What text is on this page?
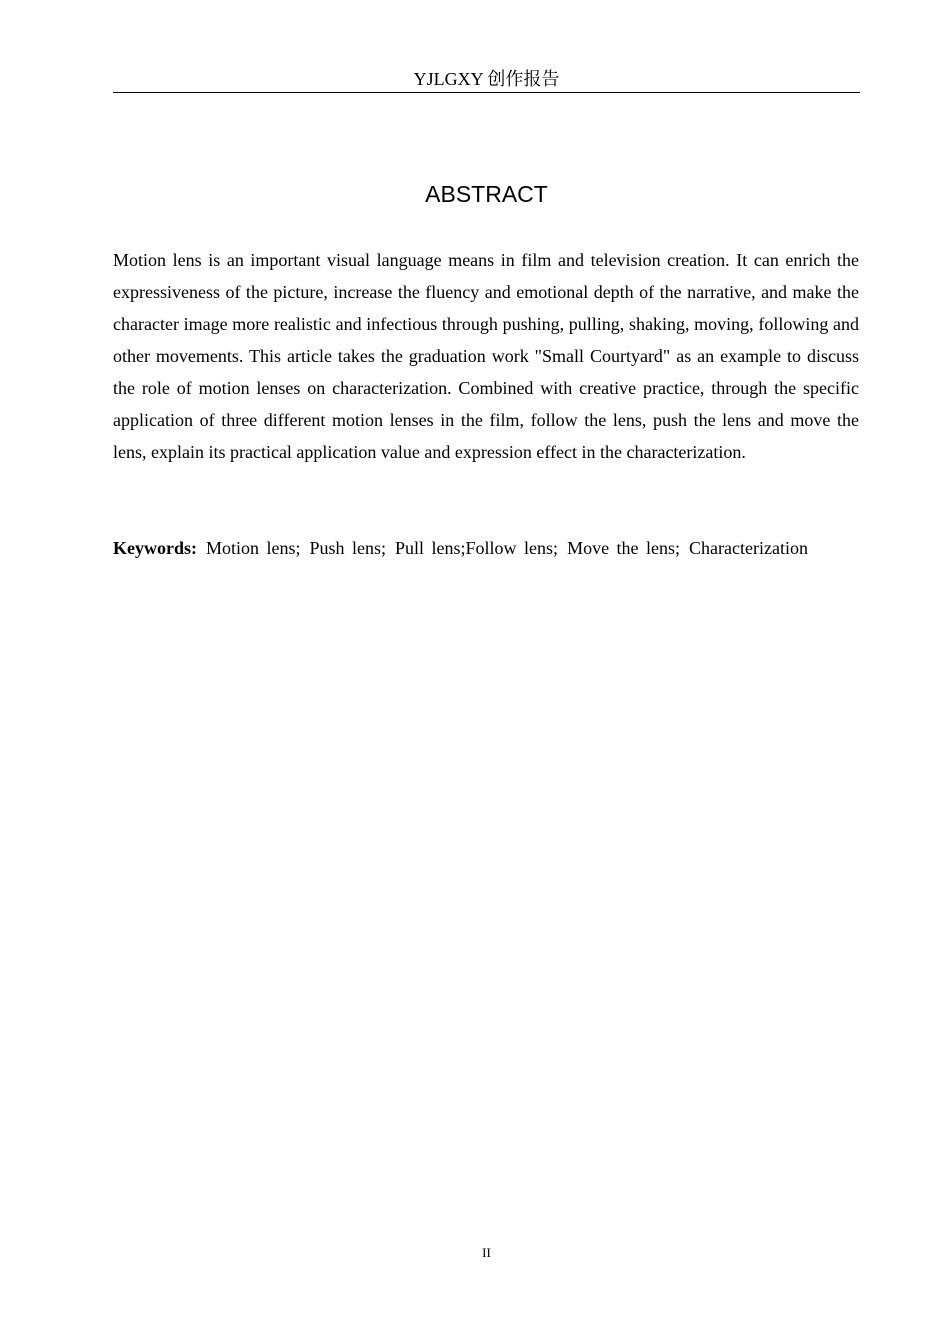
YJLGXY 创作报告
ABSTRACT

Motion lens is an important visual language means in film and television creation. It can enrich the expressiveness of the picture, increase the fluency and emotional depth of the narrative, and make the character image more realistic and infectious through pushing, pulling, shaking, moving, following and other movements. This article takes the graduation work "Small Courtyard" as an example to discuss the role of motion lenses on characterization. Combined with creative practice, through the specific application of three different motion lenses in the film, follow the lens, push the lens and move the lens, explain its practical application value and expression effect in the characterization.

Keywords: Motion lens; Push lens; Pull lens;Follow lens; Move the lens; Characterization

II
